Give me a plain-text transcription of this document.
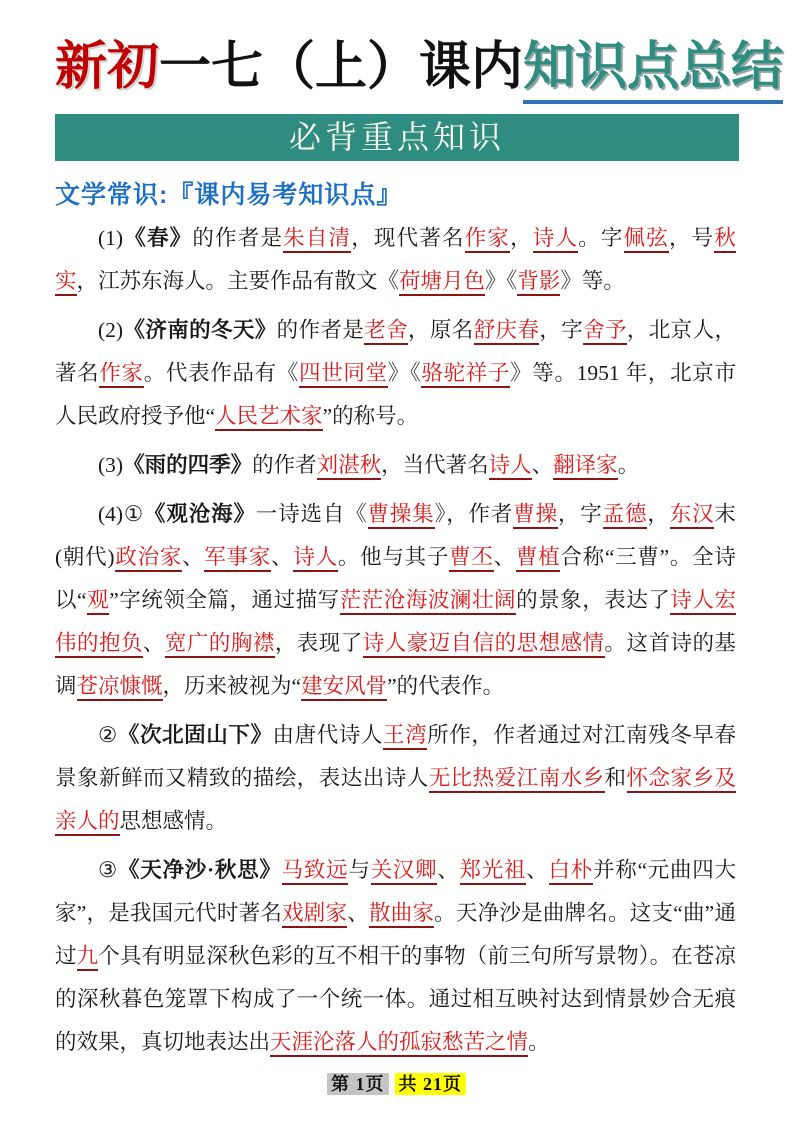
新初一七（上）课内知识点总结
必背重点知识
文学常识:『课内易考知识点』

(1)《春》的作者是朱自清，现代著名作家，诗人。字佩弦，号秋实，江苏东海人。主要作品有散文《荷塘月色》《背影》等。

(2)《济南的冬天》的作者是老舍，原名舒庆春，字舍予，北京人，著名作家。代表作品有《四世同堂》《骆驼祥子》等。1951 年，北京市人民政府授予他“人民艺术家”的称号。

(3)《雨的四季》的作者刘湛秋，当代著名诗人、翻译家。

(4)①《观沧海》一诗选自《曹操集》，作者曹操，字孟德，东汉末(朝代)政治家、军事家、诗人。他与其子曹丕、曹植合称“三曹”。全诗以“观”字统领全篇，通过描写茫茫沧海波澜壮阔的景象，表达了诗人宏伟的抱负、宽广的胸襟，表现了诗人豪迈自信的思想感情。这首诗的基调苍凉慷慨，历来被视为“建安风骨”的代表作。

②《次北固山下》由唐代诗人王湾所作，作者通过对江南残冬早春景象新鲜而又精致的描绘，表达出诗人无比热爱江南水乡和怀念家乡及亲人的思想感情。

③《天净沙·秋思》马致远与关汉卿、郑光祖、白朴并称“元曲四大家”，是我国元代时著名戏剧家、散曲家。天净沙是曲牌名。这支“曲”通过九个具有明显深秋色彩的互不相干的事物（前三句所写景物）。在苍凉的深秋暮色笼罩下构成了一个统一体。通过相互映衬达到情景妙合无痕的效果，真切地表达出天涯沦落人的孤寂愁苦之情。

第 1页 共 21页
